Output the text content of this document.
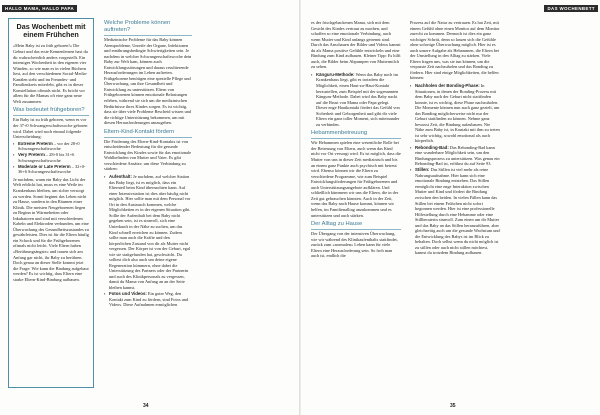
HALLO MAMA, HALLO PAPA	DAS WOCHENBETT
Das Wochenbett mit einem Frühchen

»Mein Baby ist zu früh geboren!« Die Geburt und das erste Kennenlernen hast du dir wahrscheinlich anders vorgestellt. Ein intensiges Wochenbett in den eigenen vier Wänden, so wie man es in vielen Büchern liest, auf den verschiedenen Social-Media-Kanälen sieht und im Freundes- und Familienkreis miterlebt, gibt es in dieser Konstellation oftmals nicht. Es bricht vor allem für die Mamas oft eine ganz neue Welt zusammen.

Was bedeutet frühgeboren?

Ein Baby ist zu früh geboren, wenn es vor der 37+0 Schwangerschaftswoche geboren wird. Dabei wird noch einmal folgende Unterscheidung:

▪ Extreme Preterm – vor der 28+0 Schwangerschaftswoche
▪ Very Preterm – 28+0 bis 31+6 Schwangerschaftswoche
▪ Moderate or Late Preterm – 32+0-36+6 Schwangerschaftswoche

Je nachdem, wann ein Baby das Licht der Welt erblickt hat, muss es eine Weile im Krankenhaus bleiben, um sicher versorgt zu werden. Somit beginnt das Leben nicht zu Hause, sondern in den Räumen einer Klinik. Die meisten Neugeborenen liegen zu Beginn in Wärmebetten oder Inkubatoren und sind mit verschiedenen Kabeln und Elektroden verbunden, um eine Überwachung des Gesundheitszustandes zu gewährleisten. Dies ist für die Eltern häufig ein Schock und für die Frühgeborenen oftmals nicht leicht. Viele Eltern haben »Berührungsängste« und trauen sich am Anfang gar nicht, ihr Baby zu berühren. Doch genau an dieser Stelle kommt jetzt die Frage: Wie kann die Bindung aufgebaut werden? Es ist wichtig, dass Eltern eine starke Eltern-Kind-Bindung aufbauen.

Welche Probleme können auftreten?

Medizinische Probleme für das Baby können Atemprobleme, Unreife der Organe, Infektionen und ernährungsbedingte Schwierigkeiten sein. Je nachdem in welcher Schwangerschaftswoche dein Baby zur Welt kam, können auch Entwicklungsstörungen und daraus resultierende Herausforderungen im Leben auftreten. Frühgeborene benötigen eine spezielle Pflege und Überwachung, um ihre Gesundheit und Entwicklung zu unterstützen. Eltern von Frühgeborenen können emotionale Belastungen erleben, während sie sich um die medizinischen Bedürfnisse ihres Kindes sorgen. Es ist wichtig, dass sie über viele Probleme Bescheid wissen und die richtige Unterstützung bekommen, um mit diesen Herausforderungen umzugehen.

Eltern-Kind-Kontakt fördern

Die Förderung des Eltern-Kind-Kontakts ist von entscheidender Bedeutung für die gesunde Entwicklung des Kindes sowie für das emotionale Wohlbefinden von Mutter und Vater. Es gibt verschiedene Ansätze, um diese Verbindung zu stärken:

▪ Aufenthalt: Je nachdem, auf welcher Station das Baby liegt, ist es möglich, dass ein Elternteil beim Kind übernachten kann. Auf einer Intensivstation ist dies aber häufig nicht möglich. Hier sollte man mit dem Personal vor Ort in den Austausch kommen, welche Möglichkeiten es in der eigenen Situation gibt. Sollte der Aufenthalt bei dem Baby nicht gegeben sein, ist es sinnvoll, sich eine Unterkunft in der Nähe zu suchen, um das Kind schnell erreichen zu können. Zudem sollte man auch die Kräfte und den körperlichen Zustand von dir als Mutter nicht vergessen. Der Körper ist von der Geburt, egal wie sie stattgefunden hat, geschwächt. Du solltest dich also auch um deine eigene Regeneration kümmern, ohne dabei die Unterstützung des Partners oder der Partnerin und auch des Klinikpersonals zu vergessen, damit du Mama von Anfang an an der Seite bleiben kannst.
▪ Fotos und Videos: Ein guter Weg, den Kontakt zum Kind zu fördern, sind Fotos und Videos. Diese Aufnahmen ermöglichen
34

es der frischgebackenen Mama, sich mit dem Gesicht des Kindes vertraut zu machen, und schaffen so eine emotionale Verbindung, auch wenn Mutter und Kind anfangs getrennt sind. Durch das Anschauen der Bilder und Videos kannst du als Mama positive Gefühle entwickeln und eine Bindung zum Kind aufbauen. Kleiner Tipp: Es hilft auch, die Bilder beim Abpumpen von Muttermilch zu sehen.

▪ Känguru-Methode: Wenn das Baby noch im Krankenhaus liegt, gibt es trotzdem die Möglichkeit, einen Haut-zu-Haut-Kontakt herzustellen, zum Beispiel mit der sogenannten Känguru-Methode. Dabei wird das Baby nackt auf die Brust von Mama oder Papa gelegt. Dieser enge Hautkontakt fördert das Gefühl von Sicherheit und Geborgenheit und gibt dir viele Eltern ein ganz toller Moment, sich miteinander zu verbinden.
Hebammenbetreuung

Wir Hebammen spielen eine wesentliche Rolle bei der Betreuung von Eltern, auch wenn das Kind nicht vor Ort versorgt wird. Es ist möglich, dass die Mutter von uns in dieser Zeit medizinisch und bis an einem ganz Punkte auch psychisch mit betreut wird. Ebenso können wir die Eltern zu verschiedene Programme, wie zum Beispiel Entwicklungsförderungen für Frühgeborenen und auch Unterstützungsangebote aufklären. Und schließlich kümmern wir uns die Eltern, die in der Zeit gut gebrauchen könnten. Auch in der Zeit, wenn das Baby nach Hause kommt, können wir helfen, im Familienalltag anzukommen und es unterstützen und auch stärken.

Der Alltag zu Hause

Der Übergang von der intensiven Überwachung, wie wir während des Klinikaufenthalts stattfindet, zurück zum »normalen« Leben kann für viele Eltern eine Herausforderung sein. So froh man auch ist, endlich die

Prozess auf die Natur zu vertrauen. Es hat Zeit, mit einem Gefühl ohne einen Monitor auf dem Monitor zurecht zu kommen. Dennoch ist dies ein ganz wichtiger Schritt, denn so lassen sich die Gefühle ohne sofortige Überwachung möglich. Hier ist es auch unsere Aufgabe als Hebammen, die Eltern bei der Umstellung in den Alltag zu stärken. Viele Eltern fragen uns, was sie tun können, um die verpasste Zeit nachzuholen und das Bonding zu fördern. Hier sind einige Möglichkeiten, die helfen können:

▪ Nachholen der Bonding-Phase: In Situationen, in denen der Bonding-Prozess mit dem Baby nach der Geburt nicht stattfinden konnte, ist es wichtig, diese Phase nachzuholen. Die Momente können nun auch ganz gezielt, um das Bonding möglicherweise nicht nur der Geburt stattfinden zu können. Nehme ganz bewusst Zeit, die Bindung aufzubauen. Nie Nähe zum Baby ist, in Kontakt mit ihm zu treten ist sehr wichtig, sowohl emotional als auch körperlich.
▪ Rebonding-Bad: Das Rebonding-Bad kann eine wunderbare Möglichkeit sein, um den Bindungsprozess zu unterstützen. Was genau ein Rebonding-Bad ist, erfährst du auf Seite 93.
▪ Stillen: Das Stillen ist viel mehr als reine Nahrungsaufnahme. Hier kann sich eine emotionale Bindung entstehen. Das Stillen ermöglicht eine enge Interaktion zwischen Mutter und Kind und fördert die Bindung zwischen den beiden. In vielen Fällen kann das Stillen bei einem Frühchen nicht sofort begonnen werden. Hier ist eine professionelle Hilfestellung durch eine Hebamme oder eine Stillberaterin sinnvoll. Zum einen um dir Mutter und das Baby an das Stillen heranzuführen, aber gleichzeitig auch um die gesunde Wachstum und die Entwicklung des Babys ist im Blick zu behalten. Doch selbst wenn du nicht möglich ist zu stillen oder auch nicht stillen möchtest, kannst du trotzdem Bindung aufbauen.
35
